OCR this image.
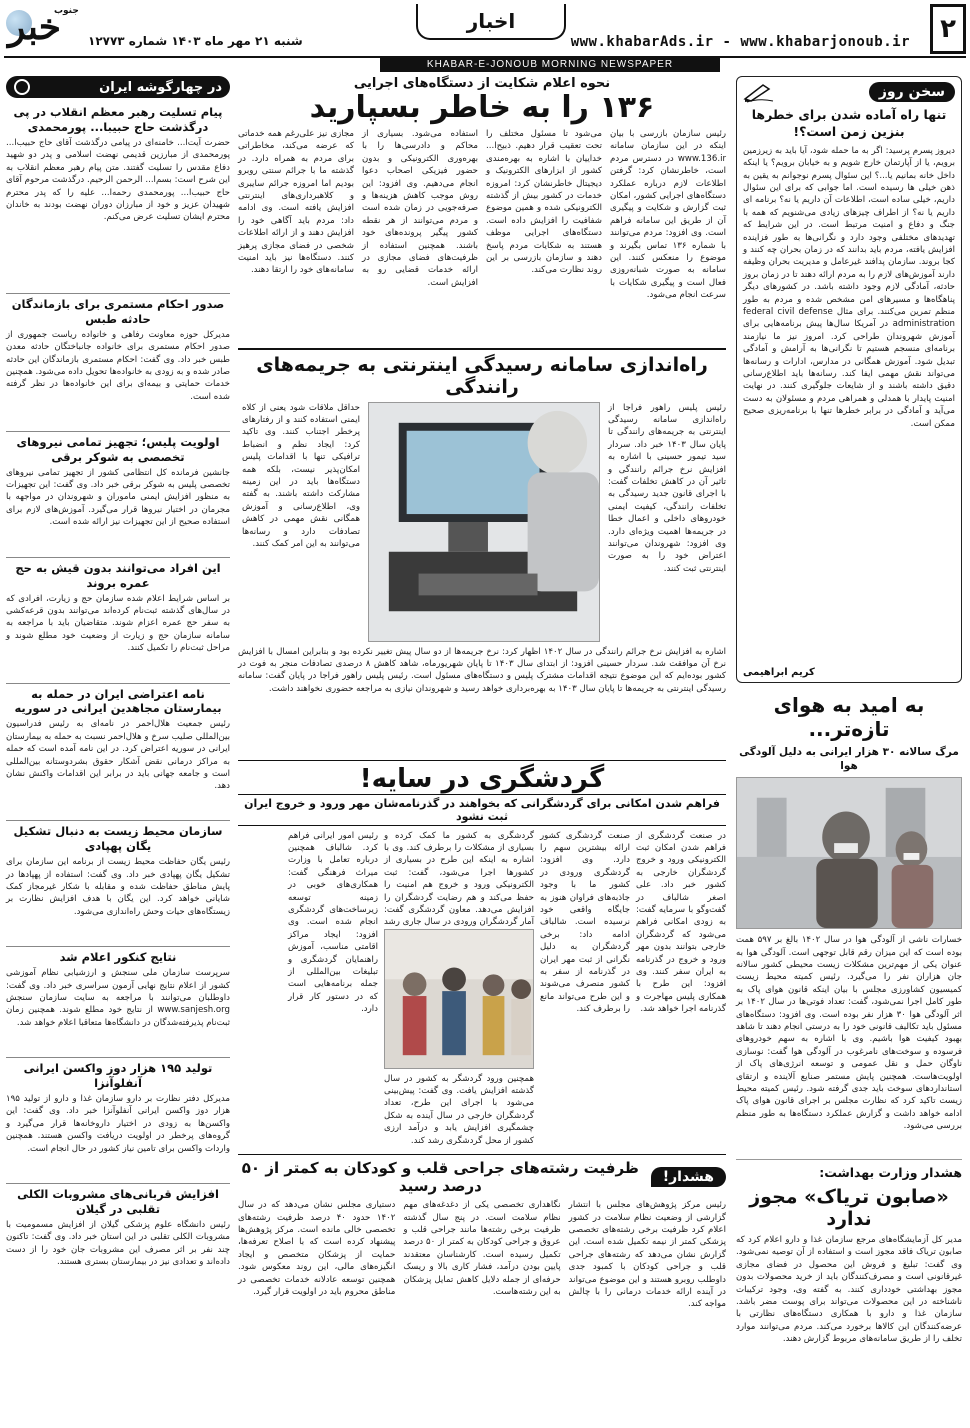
۲
www.khabarAds.ir - www.khabarjonoub.ir
اخبار
شنبه ۲۱ مهر ماه ۱۴۰۳ شماره ۱۲۷۷۳
خبر
جنوب
KHABAR-E-JONOUB MORNING NEWSPAPER
سخن روز
تنها راه آماده شدن برای خطرها بنزین زمن است؟!
دیروز پسرم پرسید: اگر به ما حمله شود، آیا باید به زیرزمین برویم، یا از آپارتمان خارج شویم و به خیابان برویم؟ یا اینکه داخل خانه بمانیم یا...؟ این سئوال پسرم نوجوانم به یقین به ذهن خیلی ها رسیده است. اما جوابی که برای این سئوال داریم، خیلی ساده است، اطلاعات آن داریم یا نه؟ برنامه ای داریم یا نه؟ از اطراف چیزهای زیادی می‌شنویم که همه با جنگ و دفاع و امنیت مرتبط است. در این شرایط که تهدیدهای مختلفی وجود دارد و نگرانی‌ها به طور فزاینده افزایش یافته، مردم باید بدانند که در زمان بحران چه کنند و کجا بروند. سازمان پدافند غیرعامل و مدیریت بحران وظیفه دارند آموزش‌های لازم را به مردم ارائه دهند تا در زمان بروز حادثه، آمادگی لازم وجود داشته باشد. در کشورهای دیگر پناهگاه‌ها و مسیرهای امن مشخص شده و مردم به طور منظم تمرین می‌کنند. برای مثال federal civil defense administration در آمریکا سال‌ها پیش برنامه‌هایی برای آموزش شهروندان طراحی کرد. امروز نیز ما نیازمند برنامه‌ای منسجم هستیم تا نگرانی‌ها به آرامش و آمادگی تبدیل شود. آموزش همگانی در مدارس، ادارات و رسانه‌ها می‌تواند نقش مهمی ایفا کند. رسانه‌ها باید اطلاع‌رسانی دقیق داشته باشند و از شایعات جلوگیری کنند. در نهایت امنیت پایدار با همدلی و همراهی مردم و مسئولان به دست می‌آید و آمادگی در برابر خطرها تنها با برنامه‌ریزی صحیح ممکن است.
کریم ابراهیمی
به امید به هوای تازه‌تر...
مرگ سالانه ۳۰ هزار ایرانی به دلیل آلودگی هوا
خسارات ناشی از آلودگی هوا در سال ۱۴۰۲ بالغ بر ۵۹۷ همت بوده است که این میزان رقم قابل توجهی است. آلودگی هوا به عنوان یکی از مهم‌ترین مشکلات زیست محیطی کشور سالانه جان هزاران نفر را می‌گیرد. رئیس کمیته محیط زیست کمیسیون کشاورزی مجلس با بیان اینکه قانون هوای پاک به طور کامل اجرا نمی‌شود، گفت: تعداد فوتی‌ها در سال ۱۴۰۲ بر اثر آلودگی هوا ۳۰ هزار نفر بوده است. وی افزود: دستگاه‌های مسئول باید تکالیف قانونی خود را به درستی انجام دهند تا شاهد بهبود کیفیت هوا باشیم. وی با اشاره به سهم خودروهای فرسوده و سوخت‌های نامرغوب در آلودگی هوا گفت: نوسازی ناوگان حمل و نقل عمومی و توسعه انرژی‌های پاک از اولویت‌هاست. همچنین پایش مستمر صنایع آلاینده و ارتقای استانداردهای سوخت باید جدی گرفته شود. رئیس کمیته محیط زیست تاکید کرد که نظارت مجلس بر اجرای قانون هوای پاک ادامه خواهد داشت و گزارش عملکرد دستگاه‌ها به طور منظم بررسی می‌شود.
هشدار وزارت بهداشت:
«صابون تریاک» مجوز ندارد
مدیر کل آزمایشگاه‌های مرجع سازمان غذا و دارو اعلام کرد که صابون تریاک فاقد مجوز است و استفاده از آن توصیه نمی‌شود. وی گفت: تبلیغ و فروش این محصول در فضای مجازی غیرقانونی است و مصرف‌کنندگان باید از خرید محصولات بدون مجوز بهداشتی خودداری کنند. به گفته وی، وجود ترکیبات ناشناخته در این محصولات می‌تواند برای پوست مضر باشد. سازمان غذا و دارو با همکاری دستگاه‌های نظارتی با عرضه‌کنندگان این کالاها برخورد می‌کند. مردم می‌توانند موارد تخلف را از طریق سامانه‌های مربوط گزارش دهند.
نحوه اعلام شکایت از دستگاه‌های اجرایی
۱۳۶ را به خاطر بسپارید
رئیس سازمان بازرسی با بیان اینکه در این سازمان سامانه www.136.ir در دسترس مردم است، خاطرنشان کرد: گرفتن اطلاعات لازم درباره عملکرد دستگاه‌های اجرایی کشور، امکان ثبت گزارش و شکایت و پیگیری آن از طریق این سامانه فراهم است. وی افزود: مردم می‌توانند با شماره ۱۳۶ تماس بگیرند و موضوع را منعکس کنند. این سامانه به صورت شبانه‌روزی فعال است و پیگیری شکایات با سرعت انجام می‌شود.
می‌شود تا مسئول مختلف را تحت تعقیب قرار دهیم. ذبیح‌ا... خداییان با اشاره به بهره‌مندی کشور از ابزارهای الکترونیک و دیجیتال خاطرنشان کرد: امروزه خدمات در کشور بیش از گذشته الکترونیکی شده و همین موضوع شفافیت را افزایش داده است. دستگاه‌های اجرایی موظف هستند به شکایات مردم پاسخ دهند و سازمان بازرسی بر این روند نظارت می‌کند.
استفاده می‌شود. بسیاری از محاکم و دادرسی‌ها را با بهره‌وری الکترونیکی و بدون حضور فیزیکی اصحاب دعوا انجام می‌دهیم. وی افزود: این روش موجب کاهش هزینه‌ها و صرفه‌جویی در زمان شده است و مردم می‌توانند از هر نقطه کشور پیگیر پرونده‌های خود باشند. همچنین استفاده از ظرفیت‌های فضای مجازی در ارائه خدمات قضایی رو به افزایش است.
مجازی نیز علی‌رغم همه خدماتی که عرضه می‌کند، مخاطراتی برای مردم به همراه دارد. در گذشته ما با جرائم سنتی روبرو بودیم اما امروزه جرائم سایبری و کلاهبرداری‌های اینترنتی افزایش یافته است. وی ادامه داد: مردم باید آگاهی خود را افزایش دهند و از ارائه اطلاعات شخصی در فضای مجازی پرهیز کنند. دستگاه‌ها نیز باید امنیت سامانه‌های خود را ارتقا دهند.
راه‌اندازی سامانه رسیدگی اینترنتی به جریمه‌های رانندگی
رئیس پلیس راهور فراجا از راه‌اندازی سامانه رسیدگی اینترنتی به جریمه‌های رانندگی تا پایان سال ۱۴۰۳ خبر داد. سردار سید تیمور حسینی با اشاره به افزایش نرخ جرائم رانندگی و تاثیر آن در کاهش تخلفات گفت: با اجرای قانون جدید رسیدگی به تخلفات رانندگی، کیفیت ایمنی خودروهای داخلی و اعمال خطا در جریمه‌ها اهمیت ویژه‌ای دارد. وی افزود: شهروندان می‌توانند اعتراض خود را به صورت اینترنتی ثبت کنند.
حداقل ملاقات شود یعنی از کلاه ایمنی استفاده کنند و از رفتارهای پرخطر اجتناب کنند. وی تاکید کرد: ایجاد نظم و انضباط ترافیکی تنها با اقدامات پلیس امکان‌پذیر نیست، بلکه همه دستگاه‌ها باید در این زمینه مشارکت داشته باشند. به گفته وی، اطلاع‌رسانی و آموزش همگانی نقش مهمی در کاهش تصادفات دارد و رسانه‌ها می‌توانند به این امر کمک کنند.
اشاره به افزایش نرخ جرائم رانندگی در سال ۱۴۰۲ اظهار کرد: نرخ جریمه‌ها از دو سال پیش تغییر نکرده بود و بنابراین امسال با افزایش نرخ آن موافقت شد. سردار حسینی افزود: از ابتدای سال ۱۴۰۳ تا پایان شهریورماه، شاهد کاهش ۸ درصدی تصادفات منجر به فوت در کشور بوده‌ایم که این موضوع نتیجه اقدامات مشترک پلیس و دستگاه‌های مسئول است. رئیس پلیس راهور فراجا در پایان گفت: سامانه رسیدگی اینترنتی به جریمه‌ها تا پایان سال ۱۴۰۳ به بهره‌برداری خواهد رسید و شهروندان نیازی به مراجعه حضوری نخواهند داشت.
گردشگری در سایه!
فراهم شدن امکانی برای گردشگرانی که بخواهند در گذرنامه‌شان مهر ورود و خروج ایران ثبت نشود
در صنعت گردشگری از فراهم شدن امکان ثبت الکترونیکی ورود و خروج گردشگران خارجی به کشور خبر داد. علی اصغر شالباف در گفت‌وگو با سرمایه گفت: به زودی امکانی فراهم می‌شود که گردشگران خارجی بتوانند بدون مهر ورود و خروج در گذرنامه به ایران سفر کنند. وی افزود: این طرح با همکاری پلیس مهاجرت و گذرنامه اجرا خواهد شد.
صنعت گردشگری کشور ارائه بیشترین سهم را دارد. وی افزود: گردشگری ورودی در کشور ما با وجود جاذبه‌های فراوان هنوز به جایگاه واقعی خود نرسیده است. شالباف ادامه داد: برخی گردشگران به دلیل نگرانی از ثبت مهر ایران در گذرنامه از سفر به کشور منصرف می‌شوند و این طرح می‌تواند مانع را برطرف کند.
گردشگری به کشور ما کمک کرده و بسیاری از مشکلات را برطرف کند. وی با اشاره به اینکه این طرح در بسیاری از کشورها اجرا می‌شود، گفت: ثبت الکترونیکی ورود و خروج هم امنیت را حفظ می‌کند و هم رضایت گردشگران را افزایش می‌دهد. معاون گردشگری گفت: آمار گردشگران ورودی در سال جاری رشد
همچنین ورود گردشگر به کشور در سال گذشته افزایش یافت. وی گفت: پیش‌بینی می‌شود با اجرای این طرح، تعداد گردشگران خارجی در سال آینده به شکل چشمگیری افزایش یابد و درآمد ارزی کشور از محل گردشگری رشد کند.
رئیس امور ایرانی فراهم کرد. شالباف همچنین درباره تعامل با وزارت میراث فرهنگی گفت: همکاری‌های خوبی در زمینه توسعه زیرساخت‌های گردشگری انجام شده است. وی افزود: ایجاد مراکز اقامتی مناسب، آموزش راهنمایان گردشگری و تبلیغات بین‌المللی از جمله برنامه‌هایی است که در دستور کار قرار دارد.
هشدار!
ظرفیت رشته‌های جراحی قلب و کودکان به کمتر از ۵۰ درصد رسید
رئیس مرکز پژوهش‌های مجلس با انتشار گزارشی از وضعیت نظام سلامت در کشور اعلام کرد ظرفیت برخی رشته‌های تخصصی پزشکی کمتر از نیمه تکمیل شده است. این گزارش نشان می‌دهد که رشته‌های جراحی قلب و جراحی کودکان با کمبود جدی داوطلب روبرو هستند و این موضوع می‌تواند در آینده ارائه خدمات درمانی را با چالش مواجه کند.
نگاهداری تخصصی یکی از دغدغه‌های مهم نظام سلامت است. در پنج سال گذشته ظرفیت برخی رشته‌ها مانند جراحی قلب و عروق و جراحی کودکان به کمتر از ۵۰ درصد تکمیل رسیده است. کارشناسان معتقدند پایین بودن درآمد، فشار کاری بالا و ریسک حرفه‌ای از جمله دلایل کاهش تمایل پزشکان به این رشته‌هاست.
دستیاری مجلس نشان می‌دهد که در سال ۱۴۰۲ حدود ۴۰ درصد ظرفیت رشته‌های تخصصی خالی مانده است. مرکز پژوهش‌ها پیشنهاد کرده است که با اصلاح تعرفه‌ها، حمایت از پزشکان متخصص و ایجاد انگیزه‌های مالی، این روند معکوس شود. همچنین توسعه عادلانه خدمات تخصصی در مناطق محروم باید در اولویت قرار گیرد.
در چهارگوشه ایران
پیام تسلیت رهبر معظم انقلاب در پی درگذشت حاج حبیبا... پورمحمدی
حضرت آیت‌ا... خامنه‌ای در پیامی درگذشت آقای حاج حبیب‌ا... پورمحمدی از مبارزین قدیمی نهضت اسلامی و پدر دو شهید دفاع مقدس را تسلیت گفتند. متن پیام رهبر معظم انقلاب به این شرح است: بسم‌ا... الرحمن الرحیم. درگذشت مرحوم آقای حاج حبیب‌ا... پورمحمدی رحمه‌ا... علیه را که پدر محترم شهیدان عزیز و خود از مبارزان دوران نهضت بودند به خاندان محترم ایشان تسلیت عرض می‌کنم.
صدور احکام مستمری برای بازماندگان حادثه طبس
مدیرکل حوزه معاونت رفاهی و خانواده ریاست جمهوری از صدور احکام مستمری برای خانواده جانباختگان حادثه معدن طبس خبر داد. وی گفت: احکام مستمری بازماندگان این حادثه صادر شده و به زودی به خانواده‌ها تحویل داده می‌شود. همچنین خدمات حمایتی و بیمه‌ای برای این خانواده‌ها در نظر گرفته شده است.
اولویت پلیس؛ تجهیز تمامی نیروهای تخصصی به شوکر برقی
جانشین فرمانده کل انتظامی کشور از تجهیز تمامی نیروهای تخصصی پلیس به شوکر برقی خبر داد. وی گفت: این تجهیزات به منظور افزایش ایمنی ماموران و شهروندان در مواجهه با مجرمان در اختیار نیروها قرار می‌گیرد. آموزش‌های لازم برای استفاده صحیح از این تجهیزات نیز ارائه شده است.
این افراد می‌توانند بدون قیش به حج عمره بروند
بر اساس شرایط اعلام شده سازمان حج و زیارت، افرادی که در سال‌های گذشته ثبت‌نام کرده‌اند می‌توانند بدون قرعه‌کشی به سفر حج عمره اعزام شوند. متقاضیان باید با مراجعه به سامانه سازمان حج و زیارت از وضعیت خود مطلع شوند و مراحل ثبت‌نام را تکمیل کنند.
نامه اعتراضی ایران در حمله به بیمارستان مجاهدین ایرانی در سوریه
رئیس جمعیت هلال‌احمر در نامه‌ای به رئیس فدراسیون بین‌المللی صلیب سرخ و هلال‌احمر نسبت به حمله به بیمارستان ایرانی در سوریه اعتراض کرد. در این نامه آمده است که حمله به مراکز درمانی نقض آشکار حقوق بشردوستانه بین‌المللی است و جامعه جهانی باید در برابر این اقدامات واکنش نشان دهد.
سازمان محیط زیست به دنبال تشکیل یگان پهپادی
رئیس یگان حفاظت محیط زیست از برنامه این سازمان برای تشکیل یگان پهپادی خبر داد. وی گفت: استفاده از پهپادها در پایش مناطق حفاظت شده و مقابله با شکار غیرمجاز کمک شایانی خواهد کرد. این یگان با هدف افزایش نظارت بر زیستگاه‌های حیات وحش راه‌اندازی می‌شود.
نتایج کنکور اعلام شد
سرپرست سازمان ملی سنجش و ارزشیابی نظام آموزشی کشور از اعلام نتایج نهایی آزمون سراسری خبر داد. وی گفت: داوطلبان می‌توانند با مراجعه به سایت سازمان سنجش www.sanjesh.org از نتایج خود مطلع شوند. همچنین زمان ثبت‌نام پذیرفته‌شدگان در دانشگاه‌ها متعاقبا اعلام خواهد شد.
تولید ۱۹۵ هزار دوز واکسن ایرانی آنفلوآنزا
مدیرکل دفتر نظارت بر دارو سازمان غذا و دارو از تولید ۱۹۵ هزار دوز واکسن ایرانی آنفلوآنزا خبر داد. وی گفت: این واکسن‌ها به زودی در اختیار داروخانه‌ها قرار می‌گیرد و گروه‌های پرخطر در اولویت دریافت واکسن هستند. همچنین واردات واکسن برای تامین نیاز کشور در حال انجام است.
افزایش قربانی‌های مشروبات الکلی تقلبی در گیلان
رئیس دانشگاه علوم پزشکی گیلان از افزایش مسمومیت با مشروبات الکلی تقلبی در این استان خبر داد. وی گفت: تاکنون چند نفر بر اثر مصرف این مشروبات جان خود را از دست داده‌اند و تعدادی نیز در بیمارستان بستری هستند.
